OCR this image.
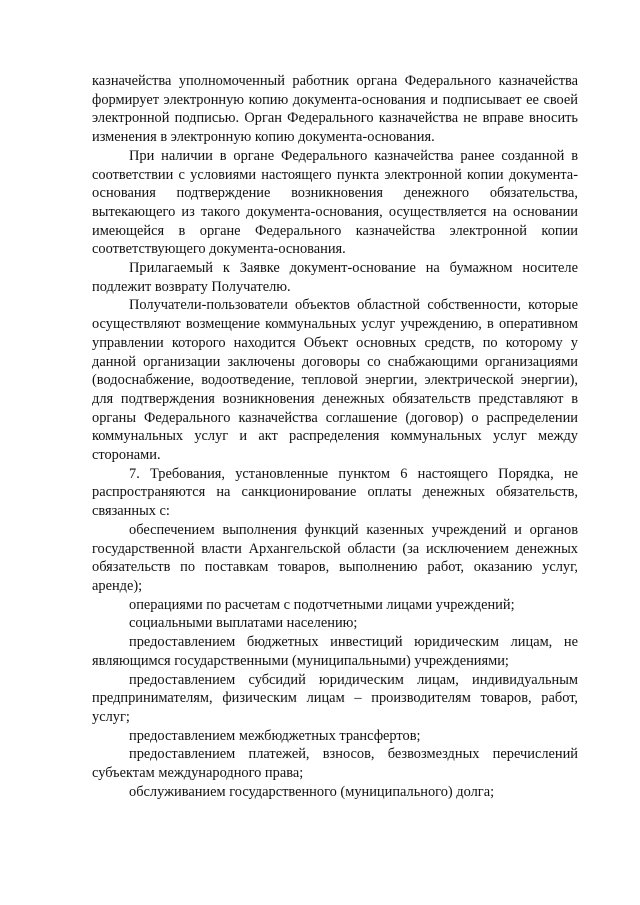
казначейства уполномоченный работник органа Федерального казначейства формирует электронную копию документа-основания и подписывает ее своей электронной подписью. Орган Федерального казначейства не вправе вносить изменения в электронную копию документа-основания.

При наличии в органе Федерального казначейства ранее созданной в соответствии с условиями настоящего пункта электронной копии документа-основания подтверждение возникновения денежного обязательства, вытекающего из такого документа-основания, осуществляется на основании имеющейся в органе Федерального казначейства электронной копии соответствующего документа-основания.

Прилагаемый к Заявке документ-основание на бумажном носителе подлежит возврату Получателю.

Получатели-пользователи объектов областной собственности, которые осуществляют возмещение коммунальных услуг учреждению, в оперативном управлении которого находится Объект основных средств, по которому у данной организации заключены договоры со снабжающими организациями (водоснабжение, водоотведение, тепловой энергии, электрической энергии), для подтверждения возникновения денежных обязательств представляют в органы Федерального казначейства соглашение (договор) о распределении коммунальных услуг и акт распределения коммунальных услуг между сторонами.

7. Требования, установленные пунктом 6 настоящего Порядка, не распространяются на санкционирование оплаты денежных обязательств, связанных с:

обеспечением выполнения функций казенных учреждений и органов государственной власти Архангельской области (за исключением денежных обязательств по поставкам товаров, выполнению работ, оказанию услуг, аренде);

операциями по расчетам с подотчетными лицами учреждений;

социальными выплатами населению;

предоставлением бюджетных инвестиций юридическим лицам, не являющимся государственными (муниципальными) учреждениями;

предоставлением субсидий юридическим лицам, индивидуальным предпринимателям, физическим лицам – производителям товаров, работ, услуг;

предоставлением межбюджетных трансфертов;

предоставлением платежей, взносов, безвозмездных перечислений субъектам международного права;

обслуживанием государственного (муниципального) долга;
